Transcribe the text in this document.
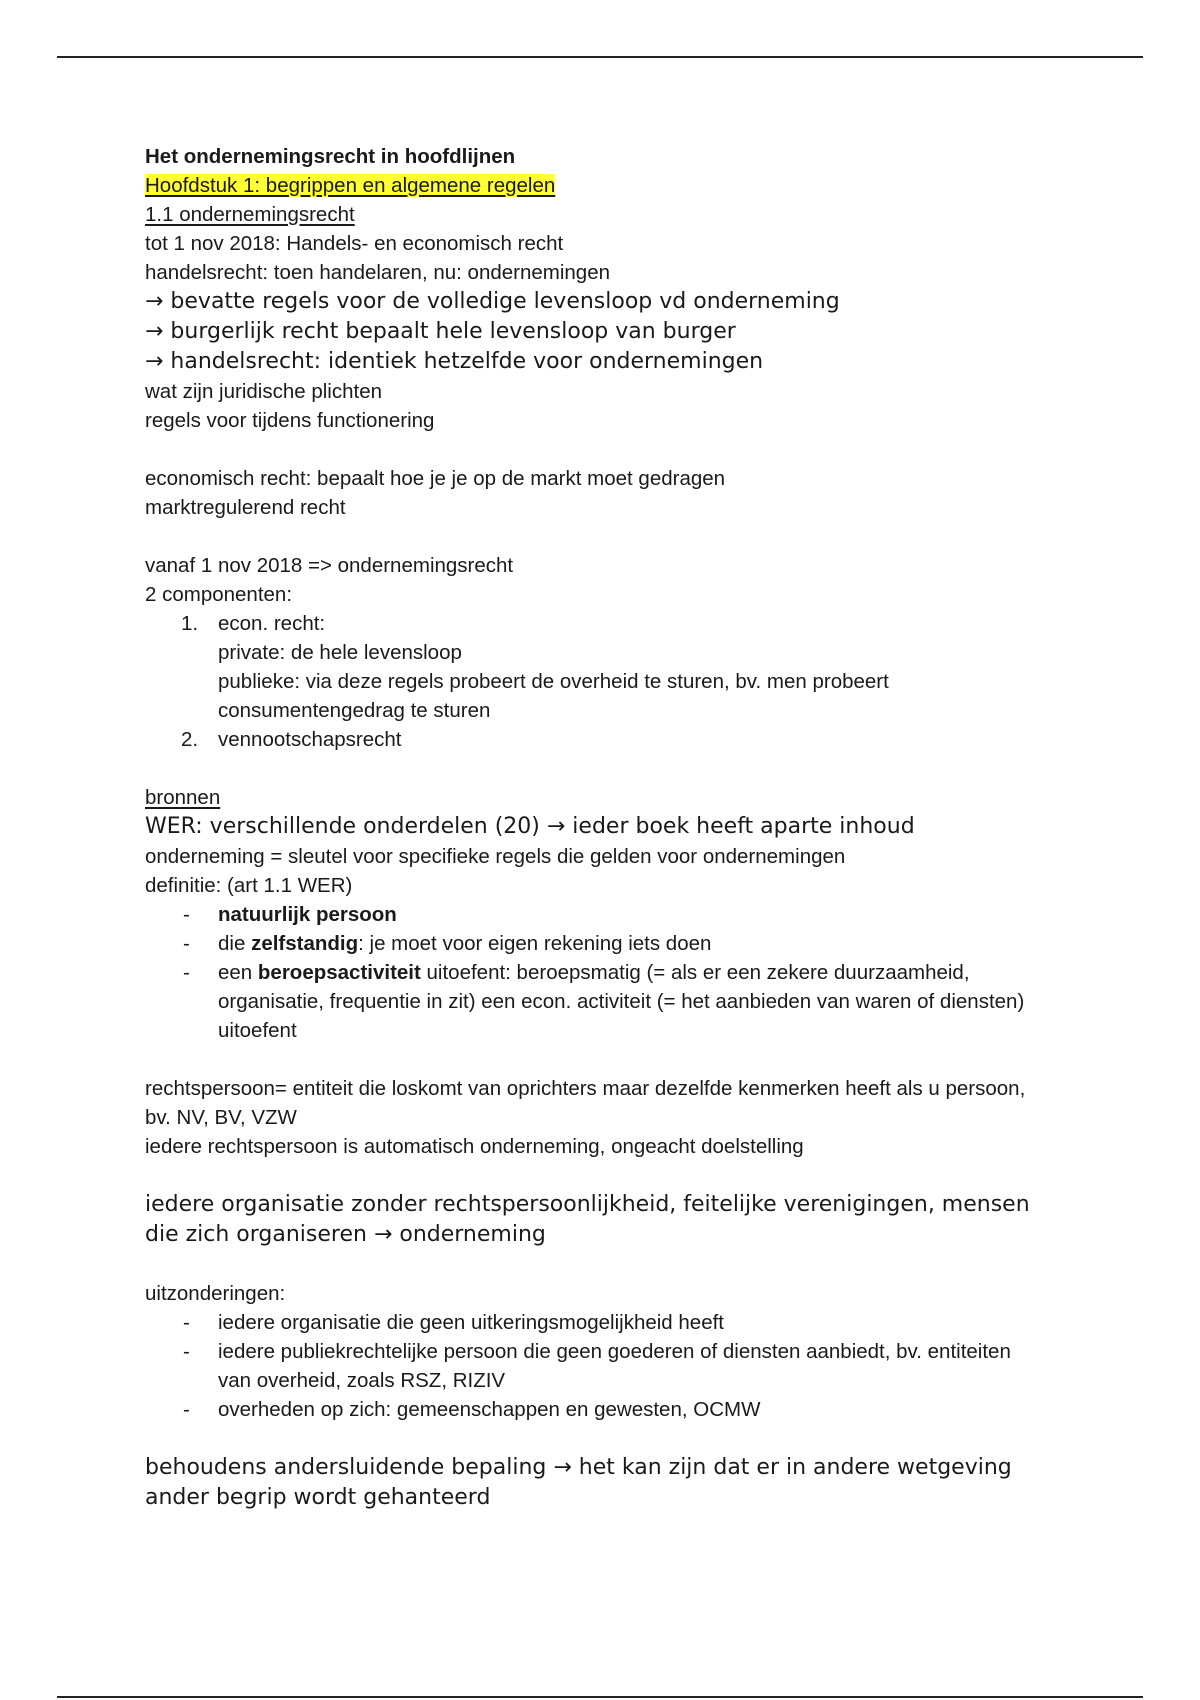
Het ondernemingsrecht in hoofdlijnen
Hoofdstuk 1: begrippen en algemene regelen
1.1 ondernemingsrecht
tot 1 nov 2018: Handels- en economisch recht
handelsrecht: toen handelaren, nu: ondernemingen
→ bevatte regels voor de volledige levensloop vd onderneming
→ burgerlijk recht bepaalt hele levensloop van burger
→ handelsrecht: identiek hetzelfde voor ondernemingen
wat zijn juridische plichten
regels voor tijdens functionering
economisch recht: bepaalt hoe je je op de markt moet gedragen
marktregulerend recht
vanaf 1 nov 2018 => ondernemingsrecht
2 componenten:
1. econ. recht:
private: de hele levensloop
publieke: via deze regels probeert de overheid te sturen, bv. men probeert consumentengedrag te sturen
2. vennootschapsrecht
bronnen
WER: verschillende onderdelen (20) → ieder boek heeft aparte inhoud
onderneming = sleutel voor specifieke regels die gelden voor ondernemingen
definitie: (art 1.1 WER)
- natuurlijk persoon
- die zelfstandig: je moet voor eigen rekening iets doen
- een beroepsactiviteit uitoefent: beroepsmatig (= als er een zekere duurzaamheid, organisatie, frequentie in zit) een econ. activiteit (= het aanbieden van waren of diensten) uitoefent
rechtspersoon= entiteit die loskomt van oprichters maar dezelfde kenmerken heeft als u persoon, bv. NV, BV, VZW
iedere rechtspersoon is automatisch onderneming, ongeacht doelstelling
iedere organisatie zonder rechtspersoonlijkheid, feitelijke verenigingen, mensen die zich organiseren → onderneming
uitzonderingen:
- iedere organisatie die geen uitkeringsmogelijkheid heeft
- iedere publiekrechtelijke persoon die geen goederen of diensten aanbiedt, bv. entiteiten van overheid, zoals RSZ, RIZIV
- overheden op zich: gemeenschappen en gewesten, OCMW
behoudens andersluidende bepaling → het kan zijn dat er in andere wetgeving ander begrip wordt gehanteerd
